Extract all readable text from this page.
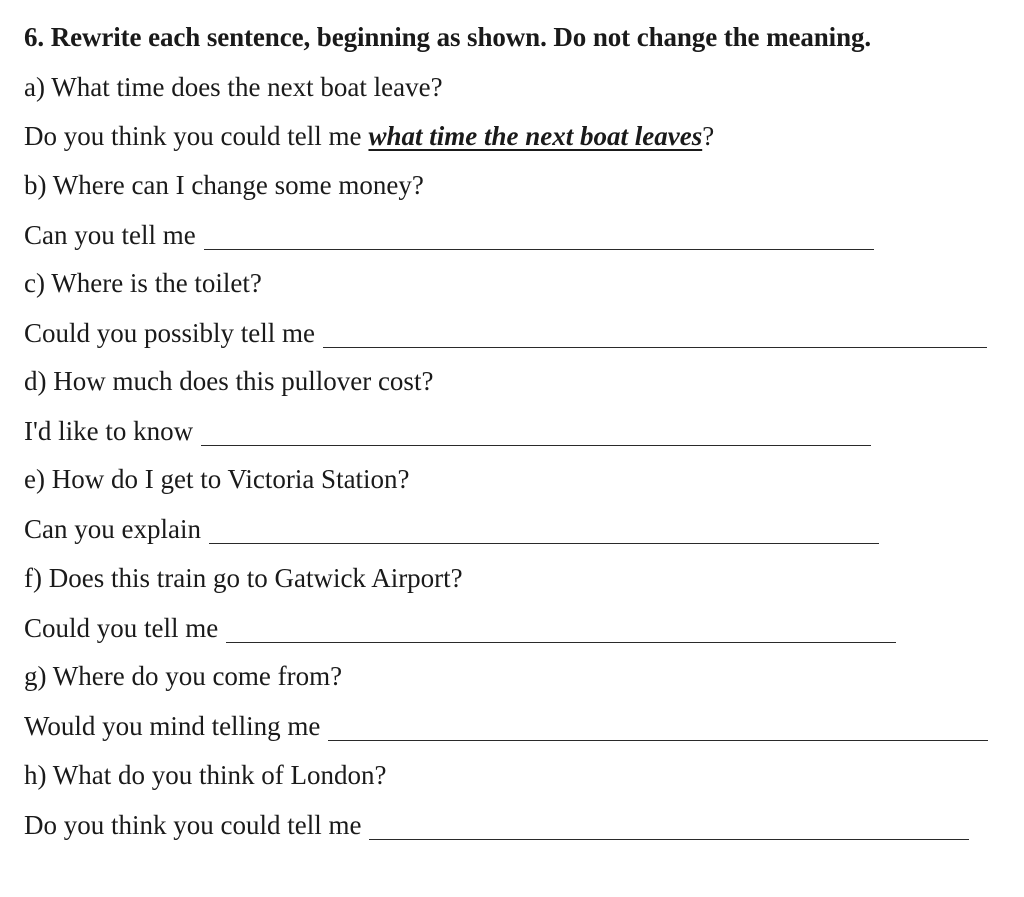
6. Rewrite each sentence, beginning as shown. Do not change the meaning.
a) What time does the next boat leave?
Do you think you could tell me what time the next boat leaves ?
b) Where can I change some money?
Can you tell me
c) Where is the toilet?
Could you possibly tell me
d) How much does this pullover cost?
I'd like to know
e) How do I get to Victoria Station?
Can you explain
f) Does this train go to Gatwick Airport?
Could you tell me
g) Where do you come from?
Would you mind telling me
h) What do you think of London?
Do you think you could tell me
